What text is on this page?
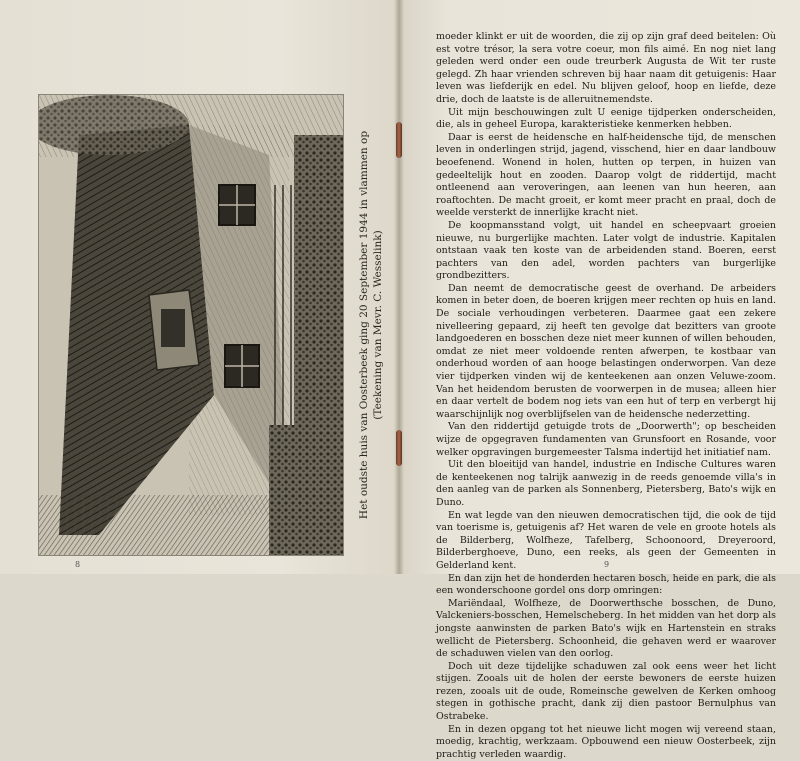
Het oudste huis van Oosterbeek ging 20 September 1944 in vlammen op (Teekening van Mevr. C. Wesselink)
8

moeder klinkt er uit de woorden, die zij op zijn graf deed beitelen: Où est votre trésor, la sera votre coeur, mon fils aimé. En nog niet lang geleden werd onder een oude treurberk Augusta de Wit ter ruste gelegd. Zh haar vrienden schreven bij haar naam dit getuigenis: Haar leven was liefderijk en edel. Nu blijven geloof, hoop en liefde, deze drie, doch de laatste is de alleruitnemendste.

Uit mijn beschouwingen zult U eenige tijdperken onderscheiden, die, als in geheel Europa, karakteristieke kenmerken hebben.

Daar is eerst de heidensche en half-heidensche tijd, de menschen leven in onderlingen strijd, jagend, visschend, hier en daar landbouw beoefenend. Wonend in holen, hutten op terpen, in huizen van gedeeltelijk hout en zooden. Daarop volgt de riddertijd, macht ontleenend aan veroveringen, aan leenen van hun heeren, aan roaftochten. De macht groeit, er komt meer pracht en praal, doch de weelde versterkt de innerlijke kracht niet.

De koopmansstand volgt, uit handel en scheepvaart groeien nieuwe, nu burgerlijke machten. Later volgt de industrie. Kapitalen ontstaan vaak ten koste van de arbeidenden stand. Boeren, eerst pachters van den adel, worden pachters van burgerlijke grondbezitters.

Dan neemt de democratische geest de overhand. De arbeiders komen in beter doen, de boeren krijgen meer rechten op huis en land. De sociale verhoudingen verbeteren. Daarmee gaat een zekere nivelleering gepaard, zij heeft ten gevolge dat bezitters van groote landgoederen en bosschen deze niet meer kunnen of willen behouden, omdat ze niet meer voldoende renten afwerpen, te kostbaar van onderhoud worden of aan hooge belastingen onderworpen. Van deze vier tijdperken vinden wij de kenteekenen aan onzen Veluwe-zoom. Van het heidendom berusten de voorwerpen in de musea; alleen hier en daar vertelt de bodem nog iets van een hut of terp en verbergt hij waarschijnlijk nog overblijfselen van de heidensche nederzetting.

Van den riddertijd getuigde trots de „Doorwerth"; op bescheiden wijze de opgegraven fundamenten van Grunsfoort en Rosande, voor welker opgravingen burgemeester Talsma indertijd het initiatief nam.

Uit den bloeitijd van handel, industrie en Indische Cultures waren de kenteekenen nog talrijk aanwezig in de reeds genoemde villa's in den aanleg van de parken als Sonnenberg, Pietersberg, Bato's wijk en Duno.

En wat legde van den nieuwen democratischen tijd, die ook de tijd van toerisme is, getuigenis af? Het waren de vele en groote hotels als de Bilderberg, Wolfheze, Tafelberg, Schoonoord, Dreyeroord, Bilderberghoeve, Duno, een reeks, als geen der Gemeenten in Gelderland kent.

En dan zijn het de honderden hectaren bosch, heide en park, die als een wonderschoone gordel ons dorp omringen:

Mariëndaal, Wolfheze, de Doorwerthsche bosschen, de Duno, Valckeniers-bosschen, Hemelscheberg. In het midden van het dorp als jongste aanwinsten de parken Bato's wijk en Hartenstein en straks wellicht de Pietersberg. Schoonheid, die gehaven werd er waarover de schaduwen vielen van den oorlog.

Doch uit deze tijdelijke schaduwen zal ook eens weer het licht stijgen. Zooals uit de holen der eerste bewoners de eerste huizen rezen, zooals uit de oude, Romeinsche gewelven de Kerken omhoog stegen in gothische pracht, dank zij dien pastoor Bernulphus van Ostrabeke.

En in dezen opgang tot het nieuwe licht mogen wij vereend staan, moedig, krachtig, werkzaam. Opbouwend een nieuw Oosterbeek, zijn prachtig verleden waardig.

9
